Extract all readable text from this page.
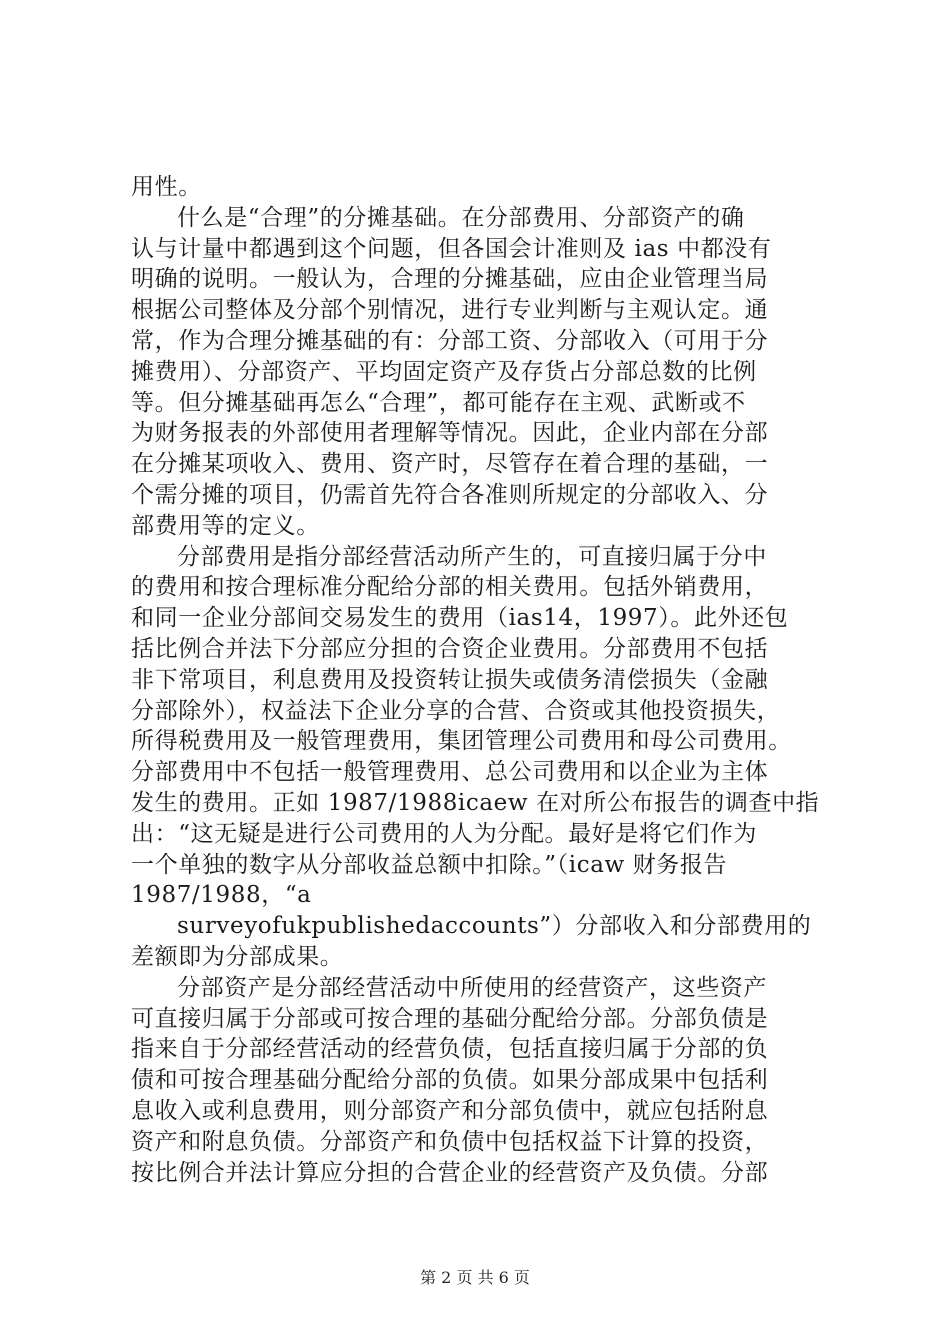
用性。
什么是“合理”的分摊基础。在分部费用、分部资产的确
认与计量中都遇到这个问题，但各国会计准则及 ias 中都没有
明确的说明。一般认为，合理的分摊基础，应由企业管理当局
根据公司整体及分部个别情况，进行专业判断与主观认定。通
常，作为合理分摊基础的有：分部工资、分部收入（可用于分
摊费用）、分部资产、平均固定资产及存货占分部总数的比例
等。但分摊基础再怎么“合理”，都可能存在主观、武断或不
为财务报表的外部使用者理解等情况。因此，企业内部在分部
在分摊某项收入、费用、资产时，尽管存在着合理的基础，一
个需分摊的项目，仍需首先符合各准则所规定的分部收入、分
部费用等的定义。
分部费用是指分部经营活动所产生的，可直接归属于分中
的费用和按合理标准分配给分部的相关费用。包括外销费用，
和同一企业分部间交易发生的费用（ias14，1997）。此外还包
括比例合并法下分部应分担的合资企业费用。分部费用不包括
非下常项目，利息费用及投资转让损失或债务清偿损失（金融
分部除外），权益法下企业分享的合营、合资或其他投资损失，
所得税费用及一般管理费用，集团管理公司费用和母公司费用。
分部费用中不包括一般管理费用、总公司费用和以企业为主体
发生的费用。正如 1987/1988icaew 在对所公布报告的调查中指
出：“这无疑是进行公司费用的人为分配。最好是将它们作为
一个单独的数字从分部收益总额中扣除。”（icaw 财务报告
1987/1988，“a
surveyofukpublishedaccounts”）分部收入和分部费用的
差额即为分部成果。
分部资产是分部经营活动中所使用的经营资产，这些资产
可直接归属于分部或可按合理的基础分配给分部。分部负债是
指来自于分部经营活动的经营负债，包括直接归属于分部的负
债和可按合理基础分配给分部的负债。如果分部成果中包括利
息收入或利息费用，则分部资产和分部负债中，就应包括附息
资产和附息负债。分部资产和负债中包括权益下计算的投资，
按比例合并法计算应分担的合营企业的经营资产及负债。分部
第 2 页 共 6 页
